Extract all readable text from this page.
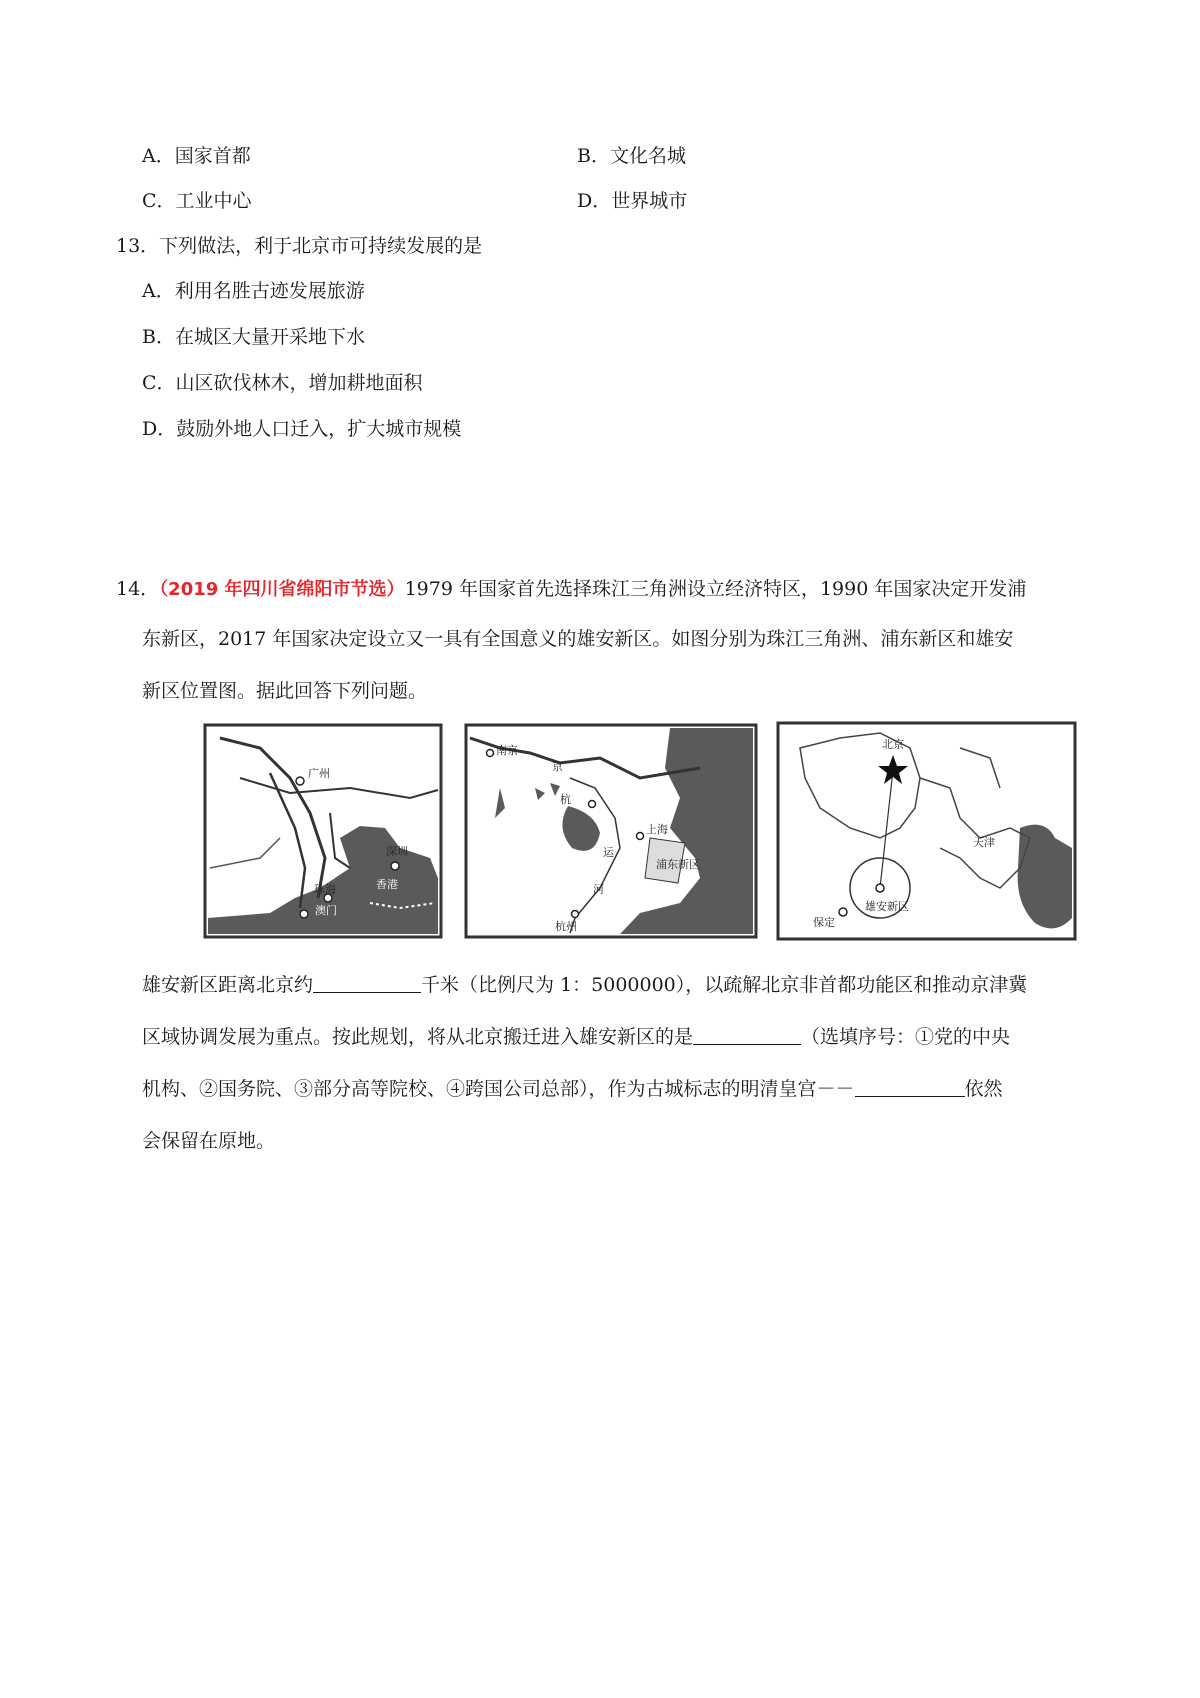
A．国家首都	B．文化名城
C．工业中心	D．世界城市
13．下列做法，利于北京市可持续发展的是
A．利用名胜古迹发展旅游
B．在城区大量开采地下水
C．山区砍伐林木，增加耕地面积
D．鼓励外地人口迁入，扩大城市规模
14．（2019 年四川省绵阳市节选）1979 年国家首先选择珠江三角洲设立经济特区，1990 年国家决定开发浦
东新区，2017 年国家决定设立又一具有全国意义的雄安新区。如图分别为珠江三角洲、浦东新区和雄安
新区位置图。据此回答下列问题。
广州
深圳
香港
珠海
澳门
南京
京
杭
上海
浦东新区
运
河
杭州
北京
天津
保定
雄安新区
雄安新区距离北京约	千米（比例尺为 1：5000000），以疏解北京非首都功能区和推动京津冀
区域协调发展为重点。按此规划，将从北京搬迁进入雄安新区的是	（选填序号：①党的中央
机构、②国务院、③部分高等院校、④跨国公司总部），作为古城标志的明清皇宫－－	依然
会保留在原地。
